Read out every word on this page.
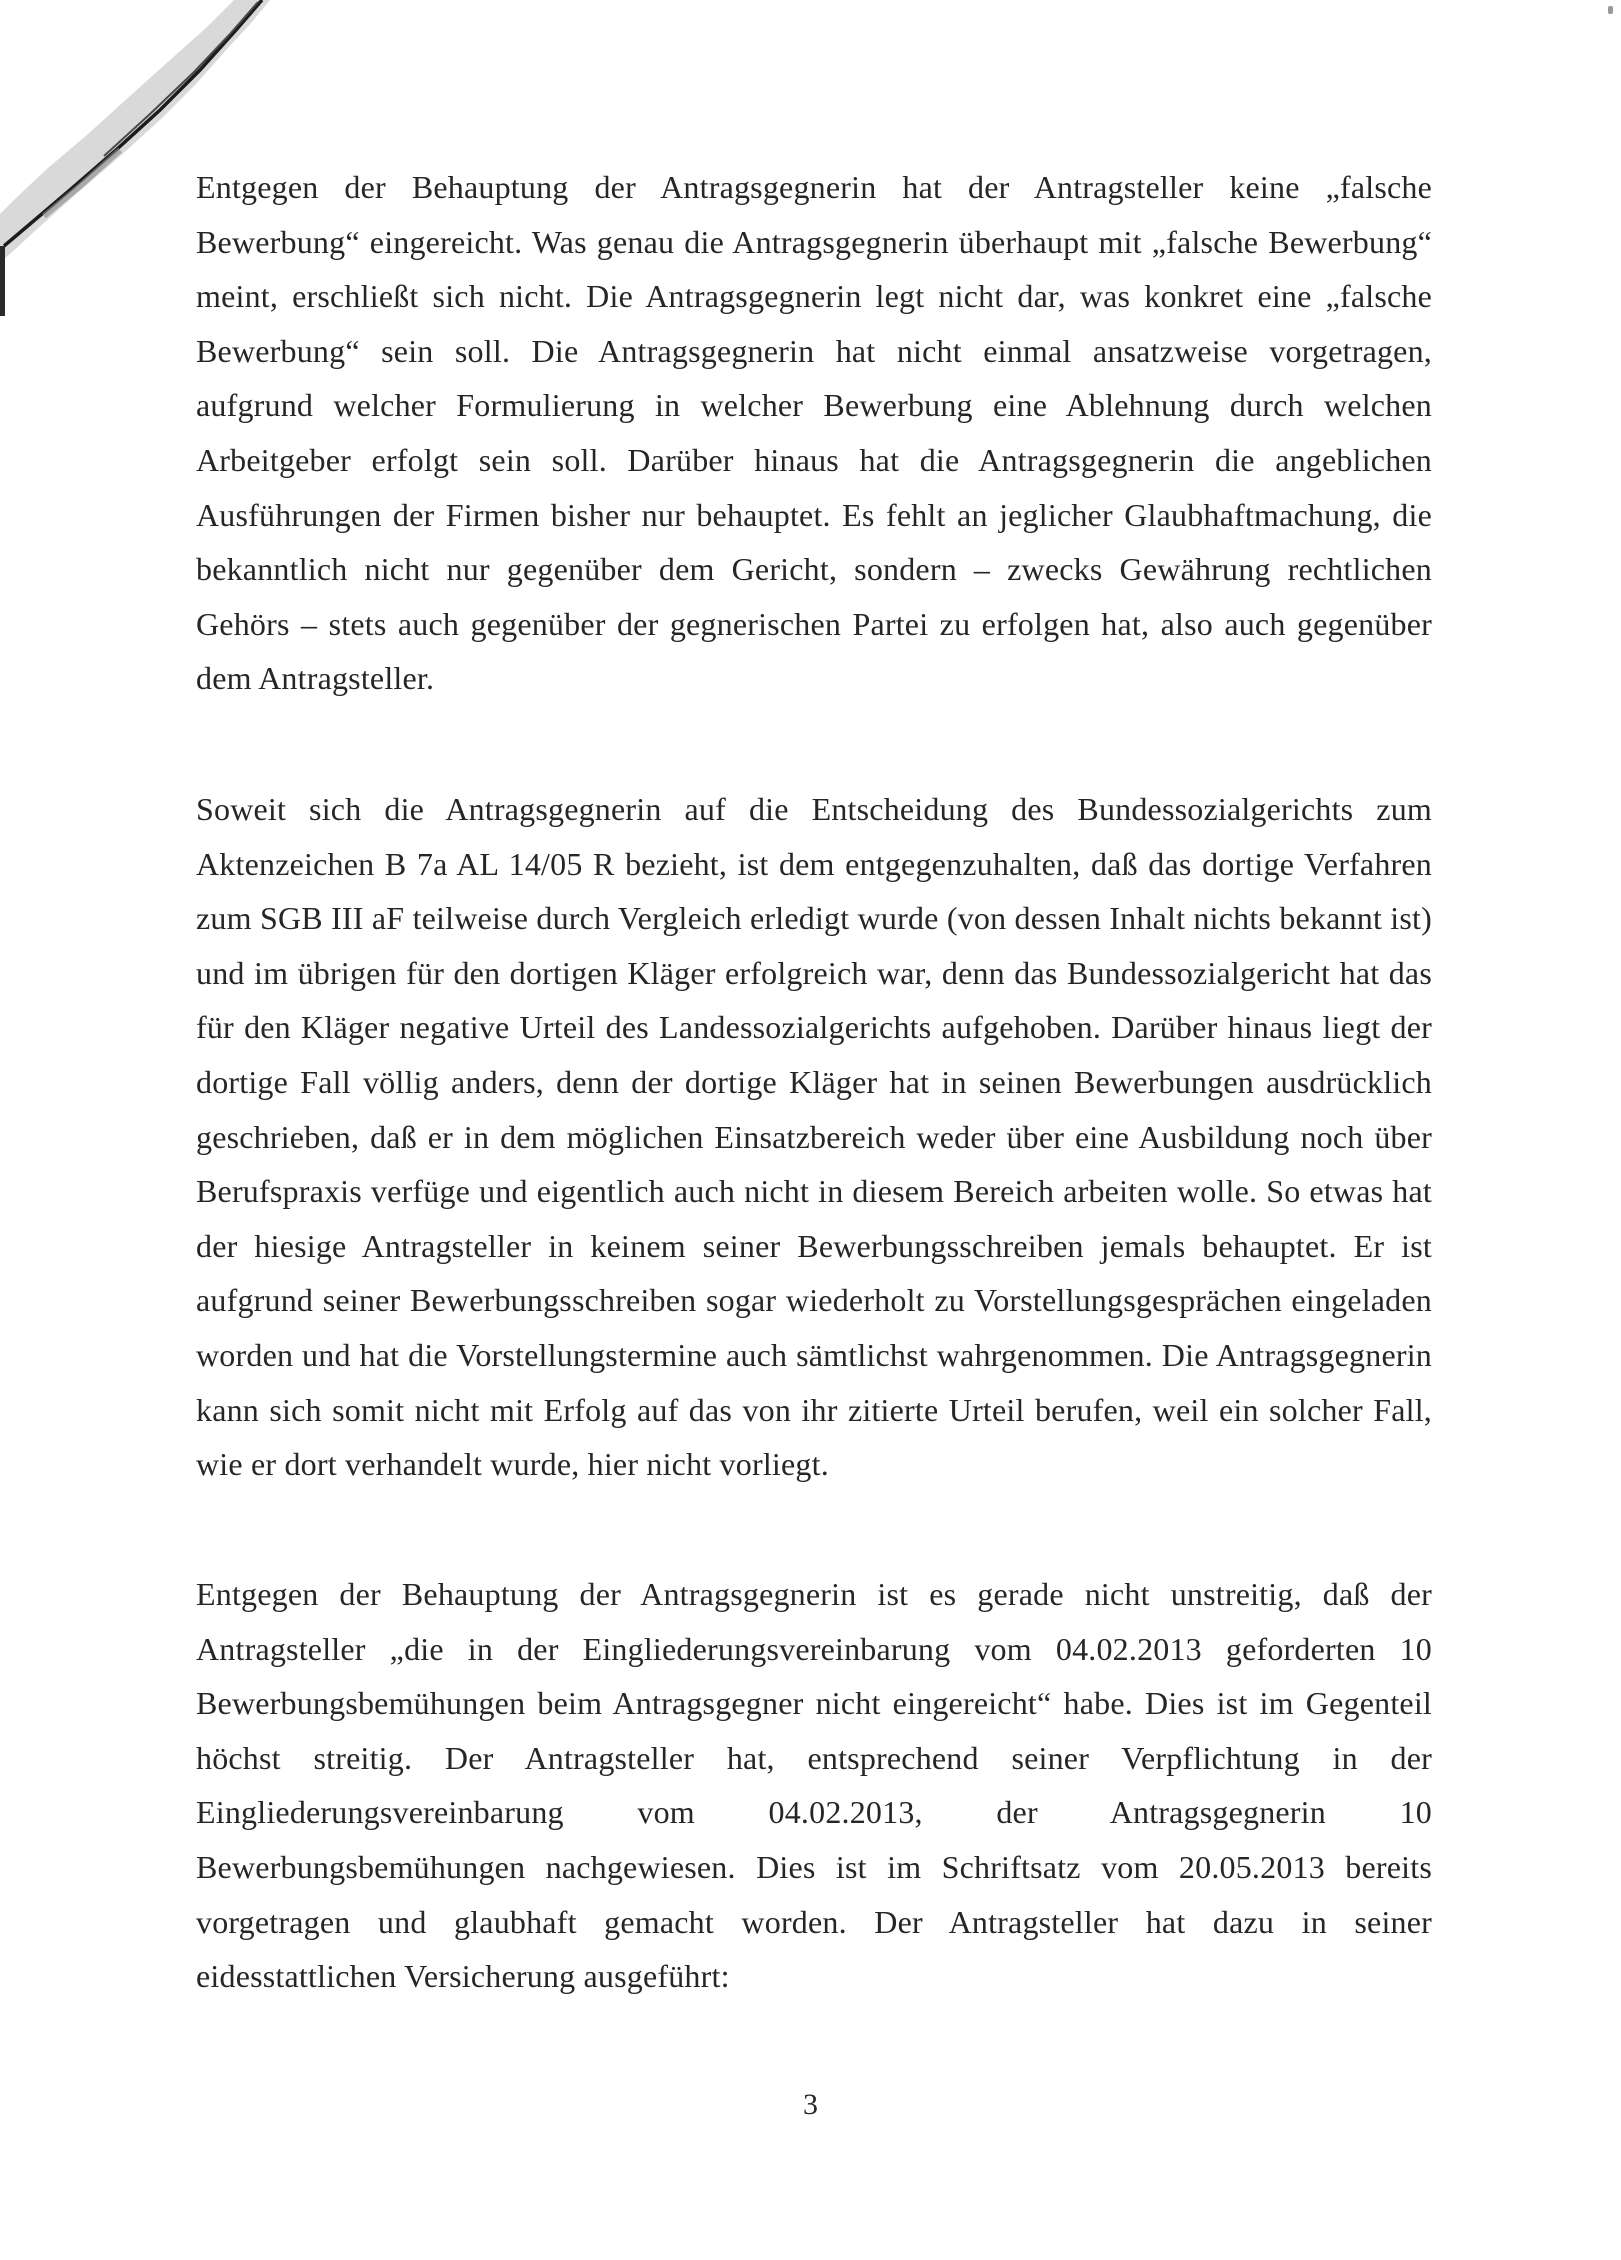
Entgegen der Behauptung der Antragsgegnerin hat der Antragsteller keine „falsche Bewerbung“ eingereicht. Was genau die Antragsgegnerin überhaupt mit „falsche Bewerbung“ meint, erschließt sich nicht. Die Antragsgegnerin legt nicht dar, was konkret eine „falsche Bewerbung“ sein soll. Die Antragsgegnerin hat nicht einmal ansatzweise vorgetragen, aufgrund welcher Formulierung in welcher Bewerbung eine Ablehnung durch welchen Arbeitgeber erfolgt sein soll. Darüber hinaus hat die Antragsgegnerin die angeblichen Ausführungen der Firmen bisher nur behauptet. Es fehlt an jeglicher Glaubhaftmachung, die bekanntlich nicht nur gegenüber dem Gericht, sondern – zwecks Gewährung rechtlichen Gehörs – stets auch gegenüber der gegnerischen Partei zu erfolgen hat, also auch gegenüber dem Antragsteller.

Soweit sich die Antragsgegnerin auf die Entscheidung des Bundessozialgerichts zum Aktenzeichen B 7a AL 14/05 R bezieht, ist dem entgegenzuhalten, daß das dortige Verfahren zum SGB III aF teilweise durch Vergleich erledigt wurde (von dessen Inhalt nichts bekannt ist) und im übrigen für den dortigen Kläger erfolgreich war, denn das Bundessozialgericht hat das für den Kläger negative Urteil des Landessozialgerichts aufgehoben. Darüber hinaus liegt der dortige Fall völlig anders, denn der dortige Kläger hat in seinen Bewerbungen ausdrücklich geschrieben, daß er in dem möglichen Einsatzbereich weder über eine Ausbildung noch über Berufspraxis verfüge und eigentlich auch nicht in diesem Bereich arbeiten wolle. So etwas hat der hiesige Antragsteller in keinem seiner Bewerbungsschreiben jemals behauptet. Er ist aufgrund seiner Bewerbungsschreiben sogar wiederholt zu Vorstellungsgesprächen eingeladen worden und hat die Vorstellungstermine auch sämtlichst wahrgenommen. Die Antragsgegnerin kann sich somit nicht mit Erfolg auf das von ihr zitierte Urteil berufen, weil ein solcher Fall, wie er dort verhandelt wurde, hier nicht vorliegt.

Entgegen der Behauptung der Antragsgegnerin ist es gerade nicht unstreitig, daß der Antragsteller „die in der Eingliederungsvereinbarung vom 04.02.2013 geforderten 10 Bewerbungsbemühungen beim Antragsgegner nicht eingereicht“ habe. Dies ist im Gegenteil höchst streitig. Der Antragsteller hat, entsprechend seiner Verpflichtung in der Eingliederungsvereinbarung vom 04.02.2013, der Antragsgegnerin 10 Bewerbungsbemühungen nachgewiesen. Dies ist im Schriftsatz vom 20.05.2013 bereits vorgetragen und glaubhaft gemacht worden. Der Antragsteller hat dazu in seiner eidesstattlichen Versicherung ausgeführt:

3
